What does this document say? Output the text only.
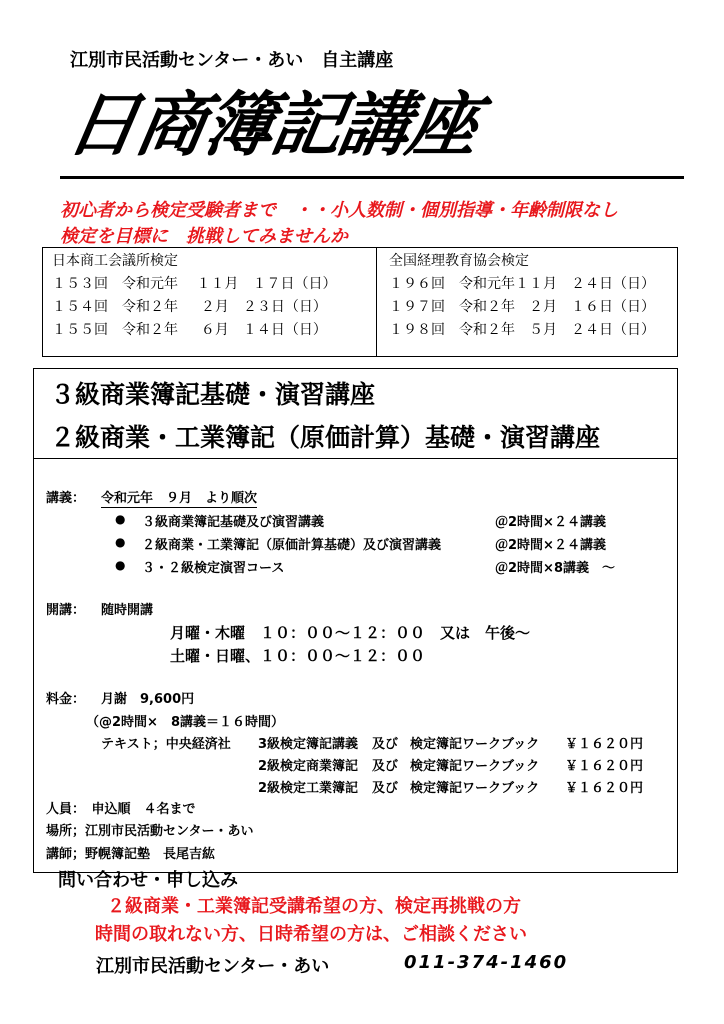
江別市民活動センター・あい　自主講座
日商簿記講座
初心者から検定受験者まで　・・小人数制・個別指導・年齢制限なし
検定を目標に　挑戦してみませんか
日本商工会議所検定
１５３回　令和元年　 １１月　１７日（日）
１５４回　令和２年　  ２月　２３日（日）
１５５回　令和２年　  ６月　１４日（日）
全国経理教育協会検定
１９６回　令和元年１１月　２４日（日）
１９７回　令和２年　２月　１６日（日）
１９８回　令和２年　５月　２４日（日）
３級商業簿記基礎・演習講座
２級商業・工業簿記（原価計算）基礎・演習講座
講義： 令和元年　９月　より順次
● ３級商業簿記基礎及び演習講義	＠2時間×２４講義
● ２級商業・工業簿記（原価計算基礎）及び演習講義	＠2時間×２４講義
● ３・２級検定演習コース	＠2時間×8講義　～
開講： 随時開講
月曜・木曜　１０：００～１２：００　又は　午後～
土曜・日曜、１０：００～１２：００
料金： 月謝　9,600円
（@2時間×　8講義＝１６時間）
テキスト；中央経済社 3級検定簿記講義 及び 検定簿記ワークブック ￥１６２０円
2級検定商業簿記 及び 検定簿記ワークブック ￥１６２０円
2級検定工業簿記 及び 検定簿記ワークブック ￥１６２０円
人員：　申込順　４名まで
場所；江別市民活動センター・あい
講師；野幌簿記塾　長尾吉紘
問い合わせ・申し込み
２級商業・工業簿記受講希望の方、検定再挑戦の方
時間の取れない方、日時希望の方は、ご相談ください
江別市民活動センター・あい	011-374-1460
